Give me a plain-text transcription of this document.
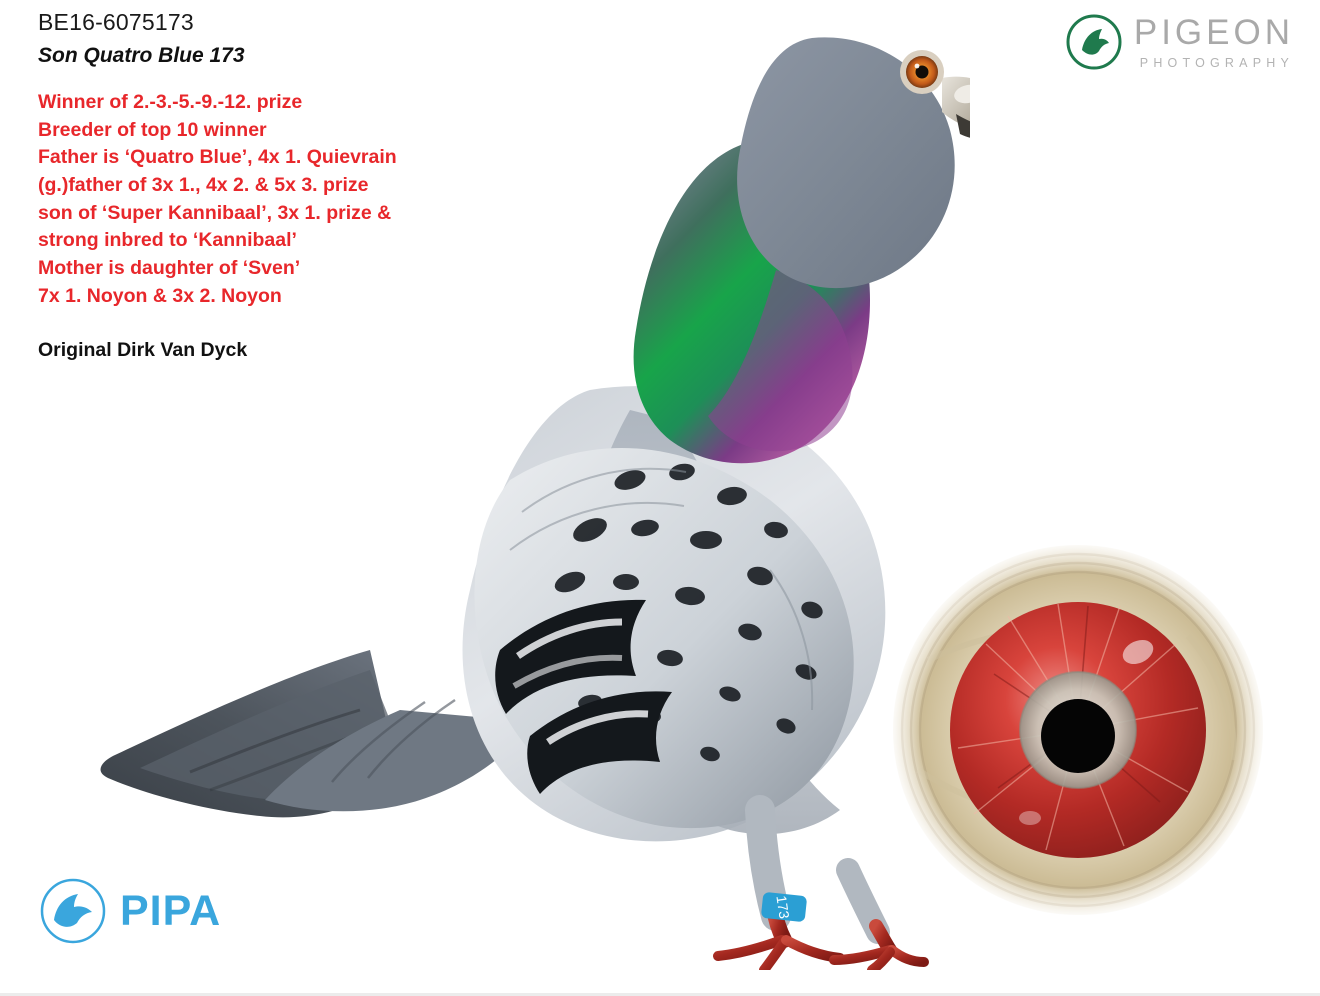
173
BE16-6075173
Son Quatro Blue 173
Winner of 2.-3.-5.-9.-12. prize
Breeder of top 10 winner
Father is ‘Quatro Blue’, 4x 1. Quievrain
(g.)father of 3x 1., 4x 2. & 5x 3. prize
son of ‘Super Kannibaal’, 3x 1. prize &
strong inbred to ‘Kannibaal’
Mother is daughter of ‘Sven’
7x 1. Noyon & 3x 2. Noyon
Original Dirk Van Dyck
PIGEON
PHOTOGRAPHY
PIPA
